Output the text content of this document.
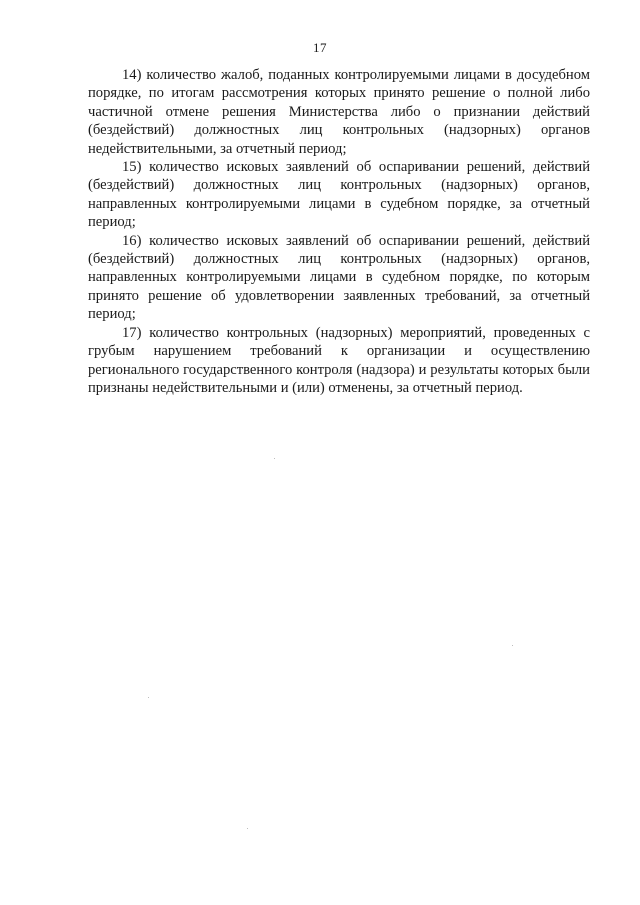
17

14) количество жалоб, поданных контролируемыми лицами в досудебном порядке, по итогам рассмотрения которых принято решение о полной либо частичной отмене решения Министерства либо о признании действий (бездействий) должностных лиц контрольных (надзорных) органов недействительными, за отчетный период;

15) количество исковых заявлений об оспаривании решений, действий (бездействий) должностных лиц контрольных (надзорных) органов, направленных контролируемыми лицами в судебном порядке, за отчетный период;

16) количество исковых заявлений об оспаривании решений, действий (бездействий) должностных лиц контрольных (надзорных) органов, направленных контролируемыми лицами в судебном порядке, по которым принято решение об удовлетворении заявленных требований, за отчетный период;

17) количество контрольных (надзорных) мероприятий, проведенных с грубым нарушением требований к организации и осуществлению регионального государственного контроля (надзора) и результаты которых были признаны недействительными и (или) отменены, за отчетный период.
